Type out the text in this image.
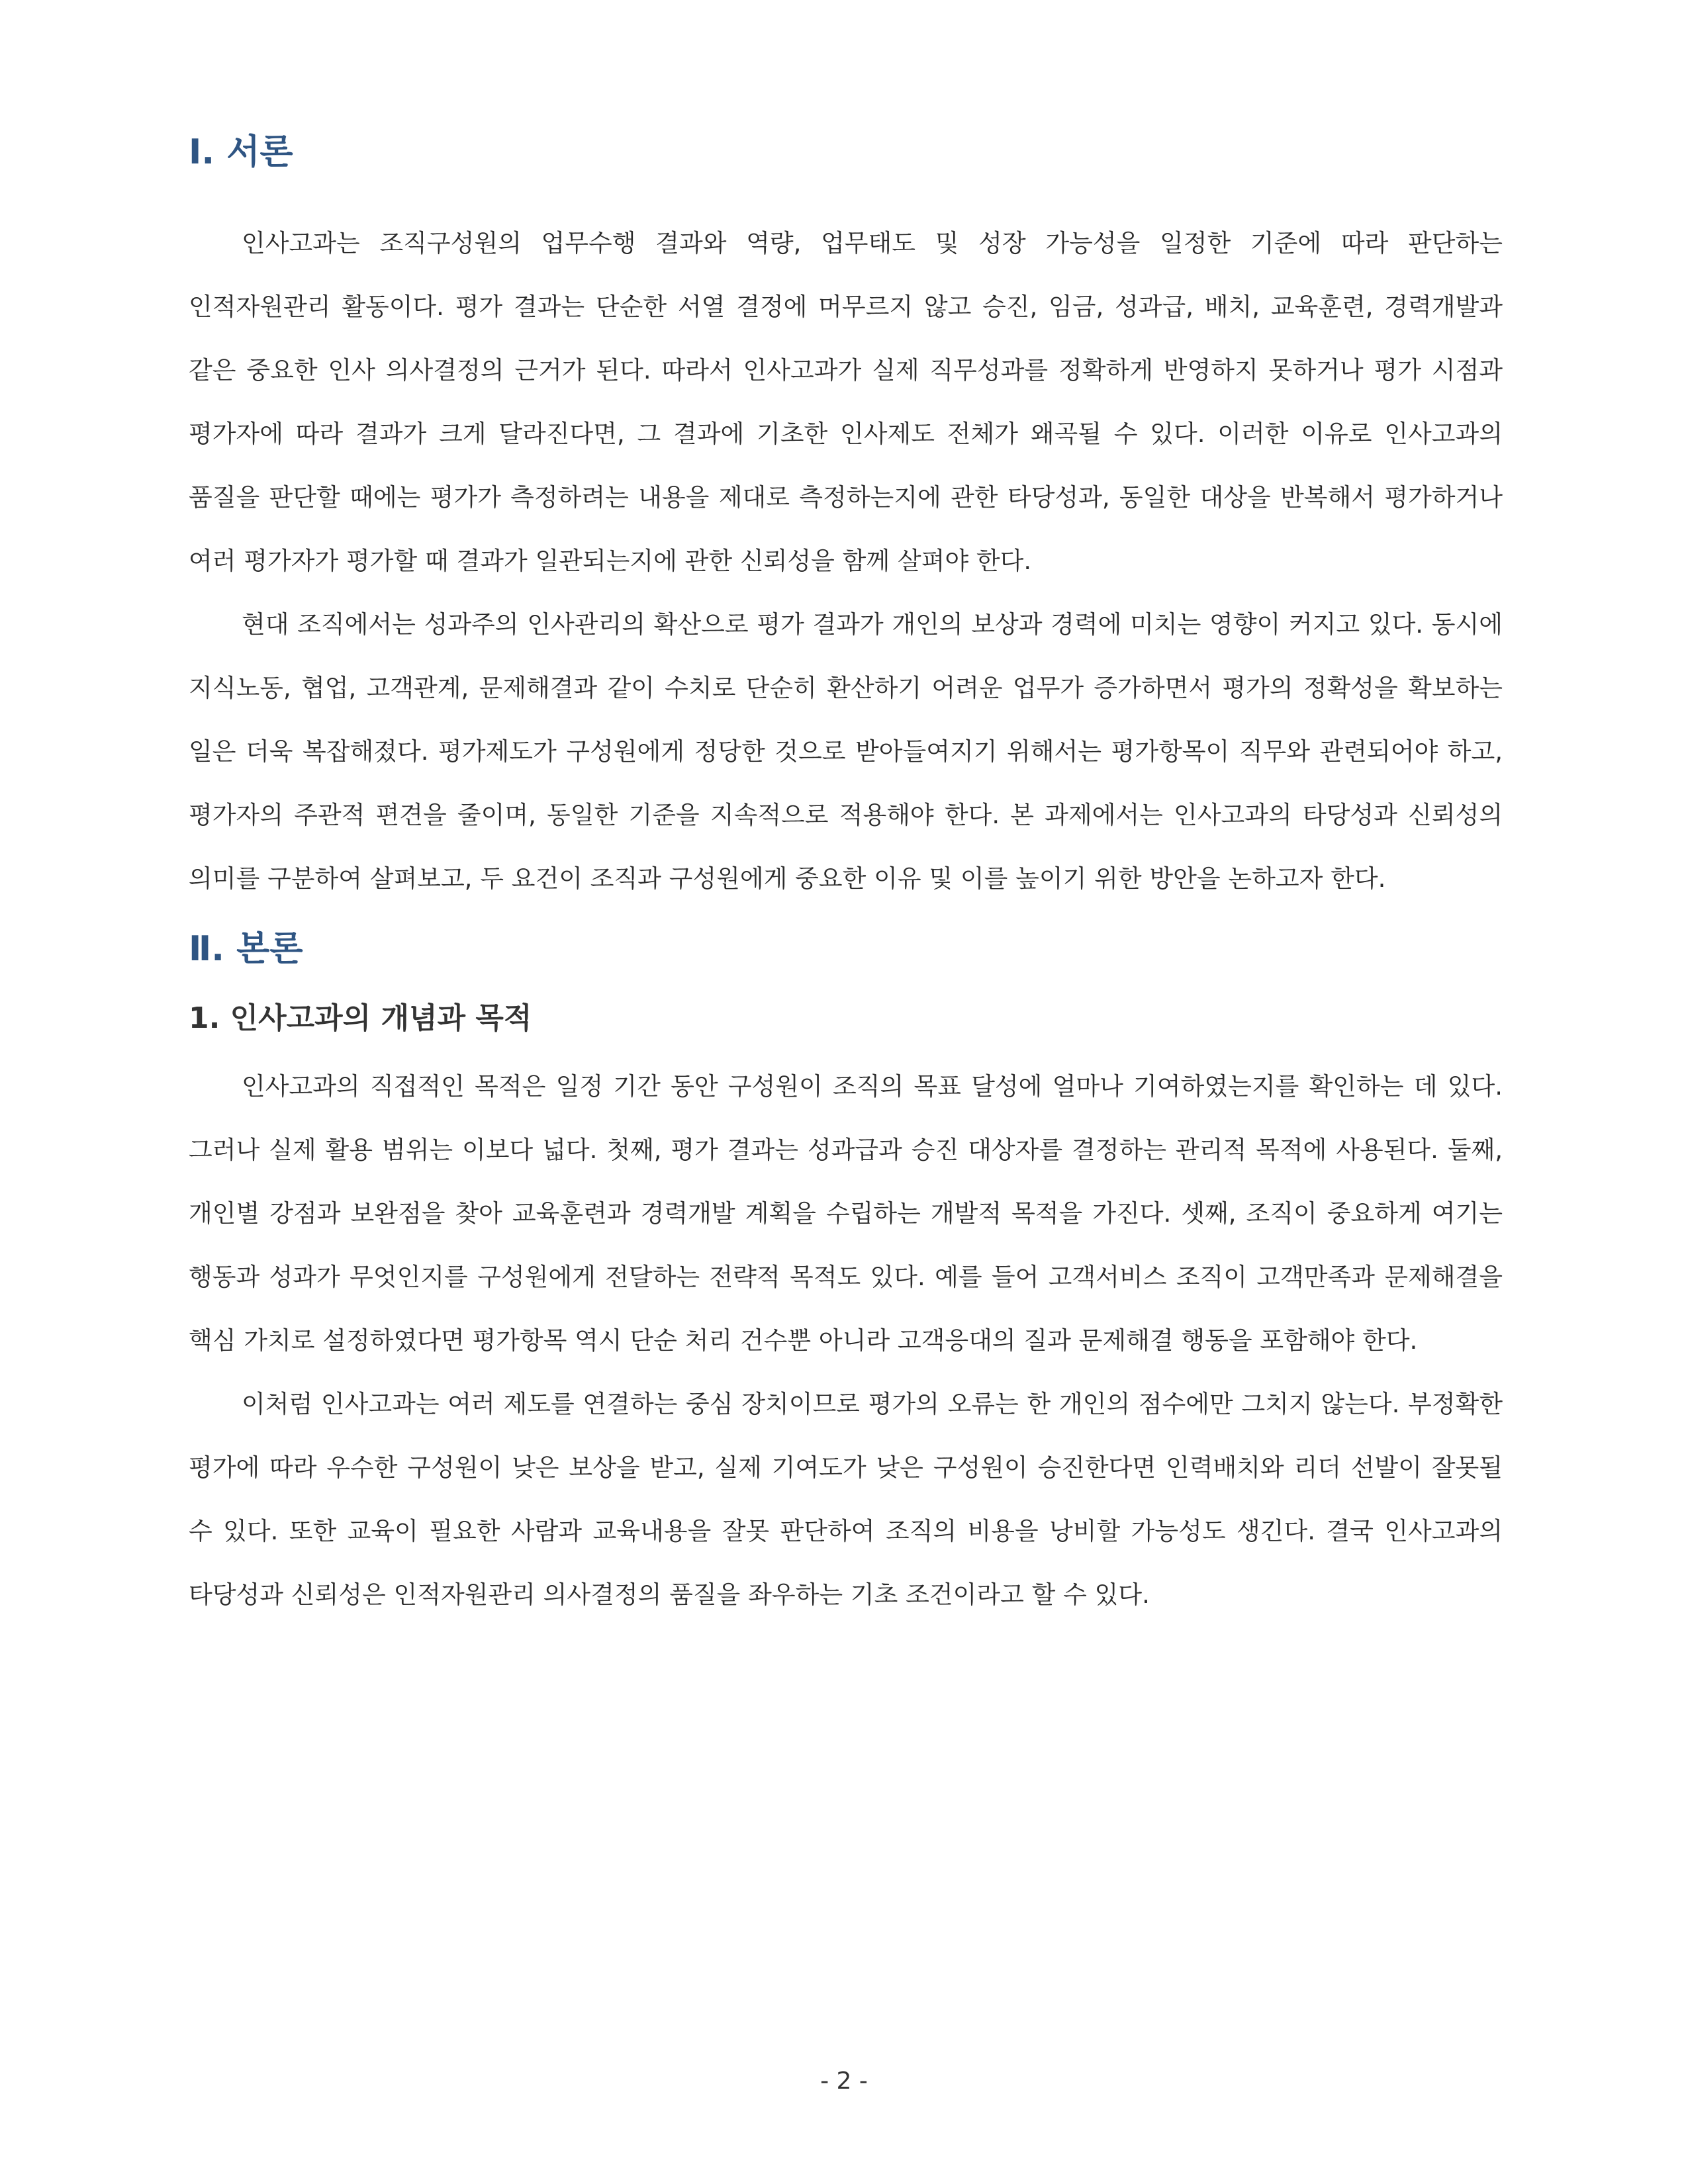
Ⅰ. 서론

인사고과는 조직구성원의 업무수행 결과와 역량, 업무태도 및 성장 가능성을 일정한 기준에 따라 판단하는 인적자원관리 활동이다. 평가 결과는 단순한 서열 결정에 머무르지 않고 승진, 임금, 성과급, 배치, 교육훈련, 경력개발과 같은 중요한 인사 의사결정의 근거가 된다. 따라서 인사고과가 실제 직무성과를 정확하게 반영하지 못하거나 평가 시점과 평가자에 따라 결과가 크게 달라진다면, 그 결과에 기초한 인사제도 전체가 왜곡될 수 있다. 이러한 이유로 인사고과의 품질을 판단할 때에는 평가가 측정하려는 내용을 제대로 측정하는지에 관한 타당성과, 동일한 대상을 반복해서 평가하거나 여러 평가자가 평가할 때 결과가 일관되는지에 관한 신뢰성을 함께 살펴야 한다.

현대 조직에서는 성과주의 인사관리의 확산으로 평가 결과가 개인의 보상과 경력에 미치는 영향이 커지고 있다. 동시에 지식노동, 협업, 고객관계, 문제해결과 같이 수치로 단순히 환산하기 어려운 업무가 증가하면서 평가의 정확성을 확보하는 일은 더욱 복잡해졌다. 평가제도가 구성원에게 정당한 것으로 받아들여지기 위해서는 평가항목이 직무와 관련되어야 하고, 평가자의 주관적 편견을 줄이며, 동일한 기준을 지속적으로 적용해야 한다. 본 과제에서는 인사고과의 타당성과 신뢰성의 의미를 구분하여 살펴보고, 두 요건이 조직과 구성원에게 중요한 이유 및 이를 높이기 위한 방안을 논하고자 한다.

Ⅱ. 본론
1. 인사고과의 개념과 목적

인사고과의 직접적인 목적은 일정 기간 동안 구성원이 조직의 목표 달성에 얼마나 기여하였는지를 확인하는 데 있다. 그러나 실제 활용 범위는 이보다 넓다. 첫째, 평가 결과는 성과급과 승진 대상자를 결정하는 관리적 목적에 사용된다. 둘째, 개인별 강점과 보완점을 찾아 교육훈련과 경력개발 계획을 수립하는 개발적 목적을 가진다. 셋째, 조직이 중요하게 여기는 행동과 성과가 무엇인지를 구성원에게 전달하는 전략적 목적도 있다. 예를 들어 고객서비스 조직이 고객만족과 문제해결을 핵심 가치로 설정하였다면 평가항목 역시 단순 처리 건수뿐 아니라 고객응대의 질과 문제해결 행동을 포함해야 한다.

이처럼 인사고과는 여러 제도를 연결하는 중심 장치이므로 평가의 오류는 한 개인의 점수에만 그치지 않는다. 부정확한 평가에 따라 우수한 구성원이 낮은 보상을 받고, 실제 기여도가 낮은 구성원이 승진한다면 인력배치와 리더 선발이 잘못될 수 있다. 또한 교육이 필요한 사람과 교육내용을 잘못 판단하여 조직의 비용을 낭비할 가능성도 생긴다. 결국 인사고과의 타당성과 신뢰성은 인적자원관리 의사결정의 품질을 좌우하는 기초 조건이라고 할 수 있다.

- 2 -
